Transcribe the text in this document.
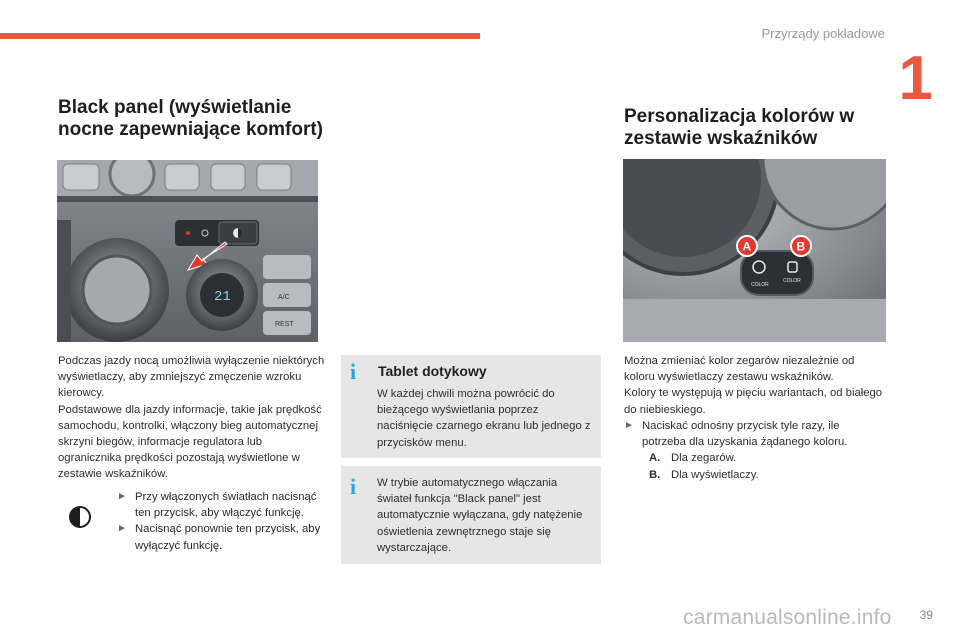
Przyrządy pokładowe
1
Black panel (wyświetlanie nocne zapewniające komfort)
21	A/C
REST

Podczas jazdy nocą umożliwia wyłączenie niektórych wyświetlaczy, aby zmniejszyć zmęczenie wzroku kierowcy.
Podstawowe dla jazdy informacje, takie jak prędkość samochodu, kontrolki, włączony bieg automatycznej skrzyni biegów, informacje regulatora lub ogranicznika prędkości pozostają wyświetlone w zestawie wskaźników.

► Przy włączonych światłach nacisnąć ten przycisk, aby włączyć funkcję.
► Nacisnąć ponownie ten przycisk, aby wyłączyć funkcję.
i Tablet dotykowy
W każdej chwili można powrócić do bieżącego wyświetlania poprzez naciśnięcie czarnego ekranu lub jednego z przycisków menu.
i W trybie automatycznego włączania świateł funkcja "Black panel" jest automatycznie wyłączana, gdy natężenie oświetlenia zewnętrznego staje się wystarczające.
Personalizacja kolorów w zestawie wskaźników
COLOR
COLOR
A	B

Można zmieniać kolor zegarów niezależnie od koloru wyświetlaczy zestawu wskaźników.
Kolory te występują w pięciu wariantach, od białego do niebieskiego.

► Naciskać odnośny przycisk tyle razy, ile potrzeba dla uzyskania żądanego koloru.
A. Dla zegarów.
B. Dla wyświetlaczy.
carmanualsonline.info 39
